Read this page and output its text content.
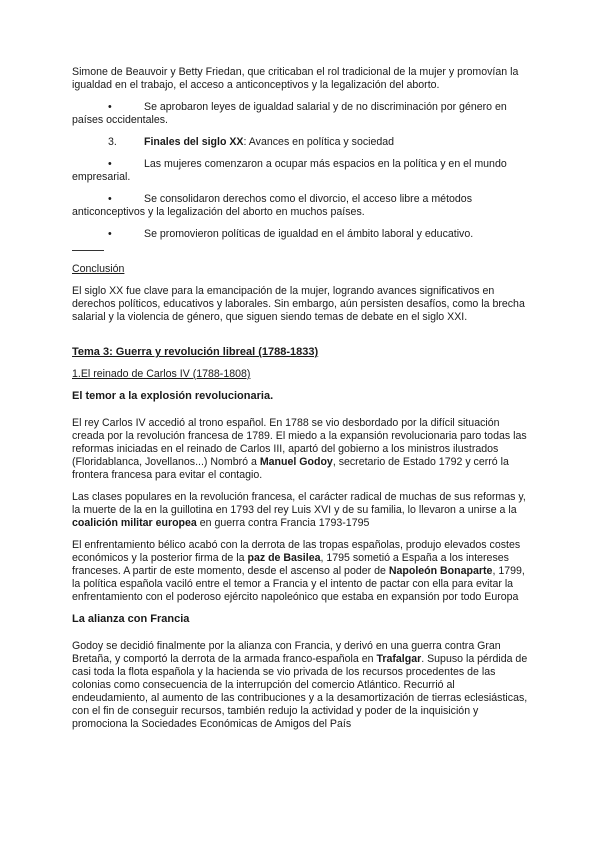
Simone de Beauvoir y Betty Friedan, que criticaban el rol tradicional de la mujer y promovían la igualdad en el trabajo, el acceso a anticonceptivos y la legalización del aborto.

•	Se aprobaron leyes de igualdad salarial y de no discriminación por género en países occidentales.

3.	Finales del siglo XX: Avances en política y sociedad

•	Las mujeres comenzaron a ocupar más espacios en la política y en el mundo empresarial.

•	Se consolidaron derechos como el divorcio, el acceso libre a métodos anticonceptivos y la legalización del aborto en muchos países.

•	Se promovieron políticas de igualdad en el ámbito laboral y educativo.

Conclusión

El siglo XX fue clave para la emancipación de la mujer, logrando avances significativos en derechos políticos, educativos y laborales. Sin embargo, aún persisten desafíos, como la brecha salarial y la violencia de género, que siguen siendo temas de debate en el siglo XXI.

Tema 3: Guerra y revolución libreal (1788-1833)

1.El reinado de Carlos IV (1788-1808)

El temor a la explosión revolucionaria.

El rey Carlos IV accedió al trono español. En 1788 se vio desbordado por la difícil situación creada por la revolución francesa de 1789. El miedo a la expansión revolucionaria paro todas las reformas iniciadas en el reinado de Carlos III, apartó del gobierno a los ministros ilustrados (Floridablanca, Jovellanos...) Nombró a Manuel Godoy, secretario de Estado 1792 y cerró la frontera francesa para evitar el contagio.

Las clases populares en la revolución francesa, el carácter radical de muchas de sus reformas y, la muerte de la en la guillotina en 1793 del rey Luis XVI y de su familia, lo llevaron a unirse a la coalición militar europea en guerra contra Francia 1793-1795

El enfrentamiento bélico acabó con la derrota de las tropas españolas, produjo elevados costes económicos y la posterior firma de la paz de Basilea, 1795 sometió a España a los intereses franceses. A partir de este momento, desde el ascenso al poder de Napoleón Bonaparte, 1799, la política española vaciló entre el temor a Francia y el intento de pactar con ella para evitar la enfrentamiento con el poderoso ejército napoleónico que estaba en expansión por todo Europa

La alianza con Francia

Godoy se decidió finalmente por la alianza con Francia, y derivó en una guerra contra Gran Bretaña, y comportó la derrota de la armada franco-española en Trafalgar. Supuso la pérdida de casi toda la flota española y la hacienda se vio privada de los recursos procedentes de las colonias como consecuencia de la interrupción del comercio Atlántico. Recurrió al endeudamiento, al aumento de las contribuciones y a la desamortización de tierras eclesiásticas, con el fin de conseguir recursos, también redujo la actividad y poder de la inquisición y promociona la Sociedades Económicas de Amigos del País
